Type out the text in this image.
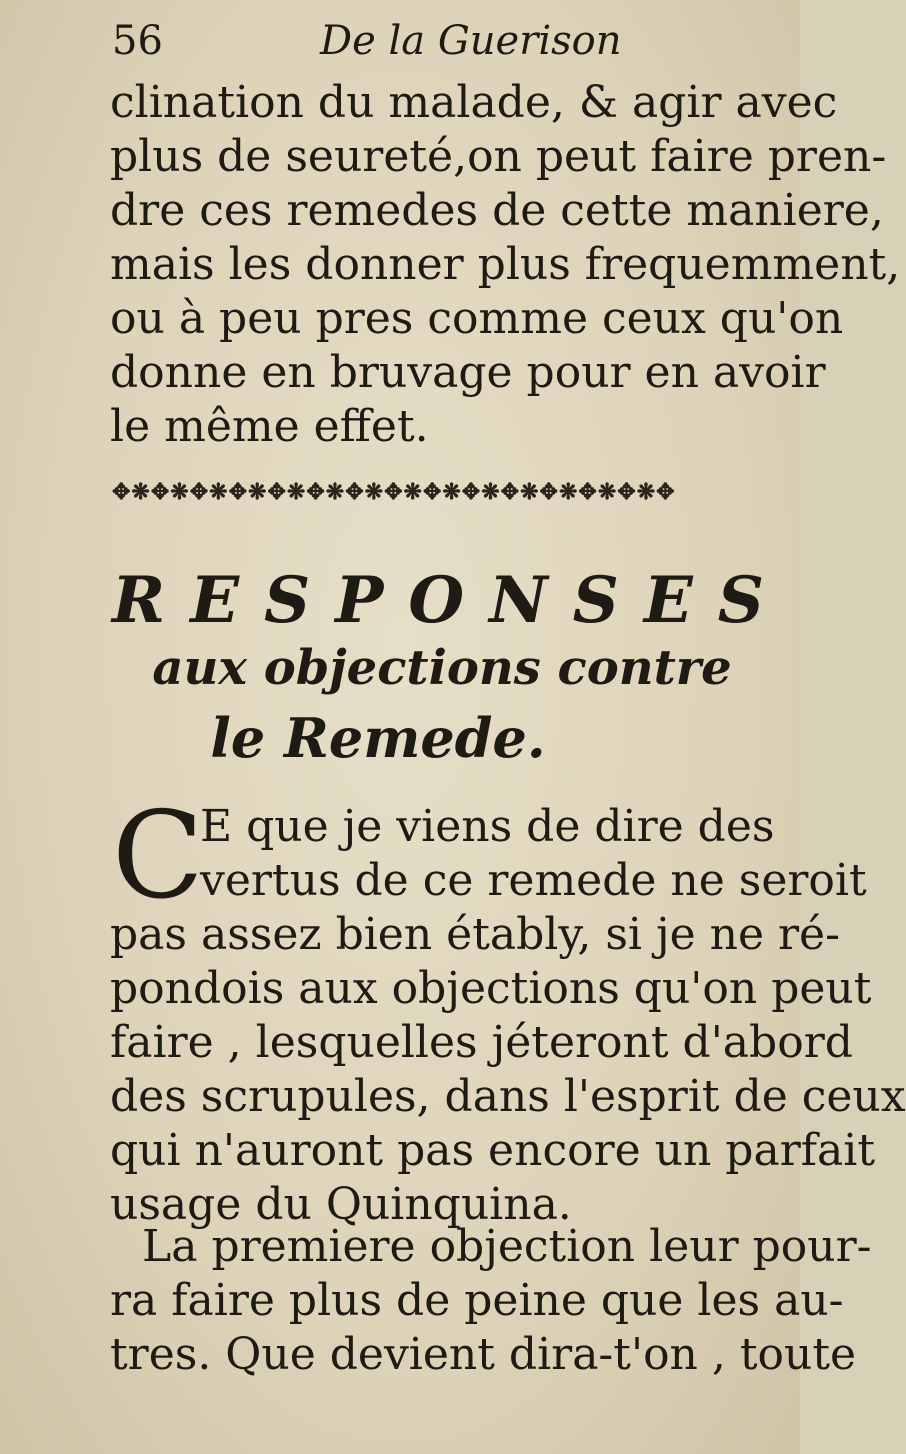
56	De la Guerison
clination du malade, & agir avec
plus de seureté,on peut faire pren-
dre ces remedes de cette maniere,
mais les donner plus frequemment,
ou à peu pres comme ceux qu'on
donne en bruvage pour en avoir
le même effet.
✥❋✥❋✥❋✥❋✥❋✥❋✥❋✥❋✥❋✥❋✥❋✥❋✥❋✥❋✥
R E S P O N S E S
aux objections contre
le Remede.
C
E que je viens de dire des
vertus de ce remede ne seroit
pas assez bien étably, si je ne ré-
pondois aux objections qu'on peut
faire , lesquelles jéteront d'abord
des scrupules, dans l'esprit de ceux
qui n'auront pas encore un parfait
usage du Quinquina.
La premiere objection leur pour-
ra faire plus de peine que les au-
tres. Que devient dira-t'on , toute
